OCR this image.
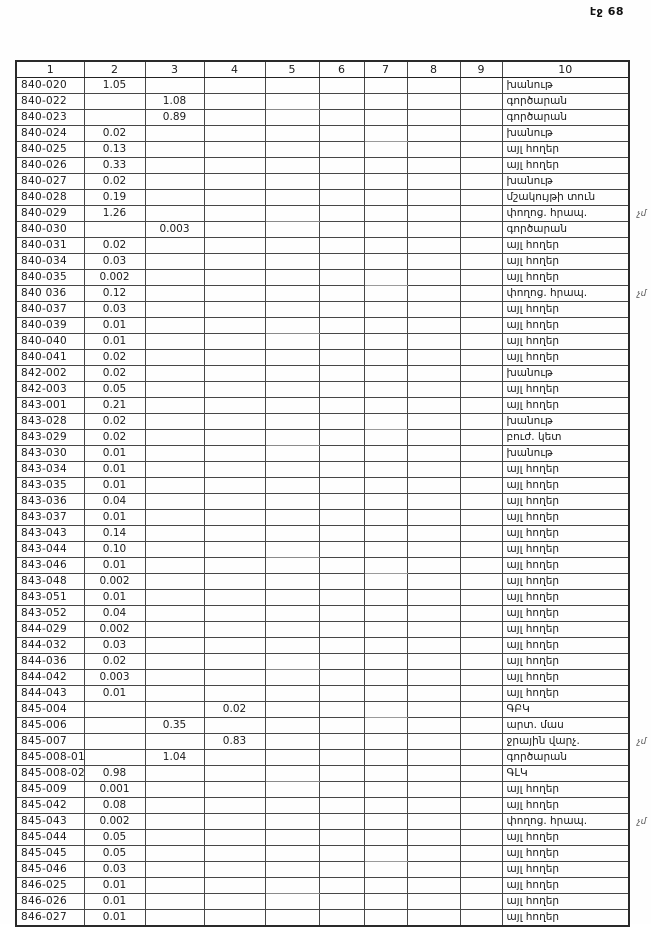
էջ 68
1	2	3	4	5	6	7	8	9	10
840-020	1.05								խանութ
840-022		1.08							գործարան
840-023		0.89							գործարան
840-024	0.02								խանութ
840-025	0.13								այլ հողեր
840-026	0.33								այլ հողեր
840-027	0.02								խանութ
840-028	0.19								մշակույթի տուն
840-029	1.26								փողոց. հրապ. չմ

840-030		0.003							գործարան
840-031	0.02								այլ հողեր
840-034	0.03								այլ հողեր
840-035	0.002								այլ հողեր
840 036	0.12								փողոց. հրապ. չմ

840-037	0.03								այլ հողեր
840-039	0.01								այլ հողեր
840-040	0.01								այլ հողեր
840-041	0.02								այլ հողեր
842-002	0.02								խանութ
842-003	0.05								այլ հողեր
843-001	0.21								այլ հողեր
843-028	0.02								խանութ
843-029	0.02								բուժ. կետ
843-030	0.01								խանութ
843-034	0.01								այլ հողեր
843-035	0.01								այլ հողեր
843-036	0.04								այլ հողեր
843-037	0.01								այլ հողեր
843-043	0.14								այլ հողեր
843-044	0.10								այլ հողեր
843-046	0.01								այլ հողեր
843-048	0.002								այլ հողեր
843-051	0.01								այլ հողեր
843-052	0.04								այլ հողեր
844-029	0.002								այլ հողեր
844-032	0.03								այլ հողեր
844-036	0.02								այլ հողեր
844-042	0.003								այլ հողեր
844-043	0.01								այլ հողեր
845-004			0.02						ԳԲԿ
845-006		0.35							արտ. մաս
845-007			0.83						ջրային վարչ. չմ

845-008-01		1.04							գործարան
845-008-02	0.98								ԳԼԿ
845-009	0.001								այլ հողեր
845-042	0.08								այլ հողեր
845-043	0.002								փողոց. հրապ. չմ

845-044	0.05								այլ հողեր
845-045	0.05								այլ հողեր
845-046	0.03								այլ հողեր
846-025	0.01								այլ հողեր
846-026	0.01								այլ հողեր
846-027	0.01								այլ հողեր
